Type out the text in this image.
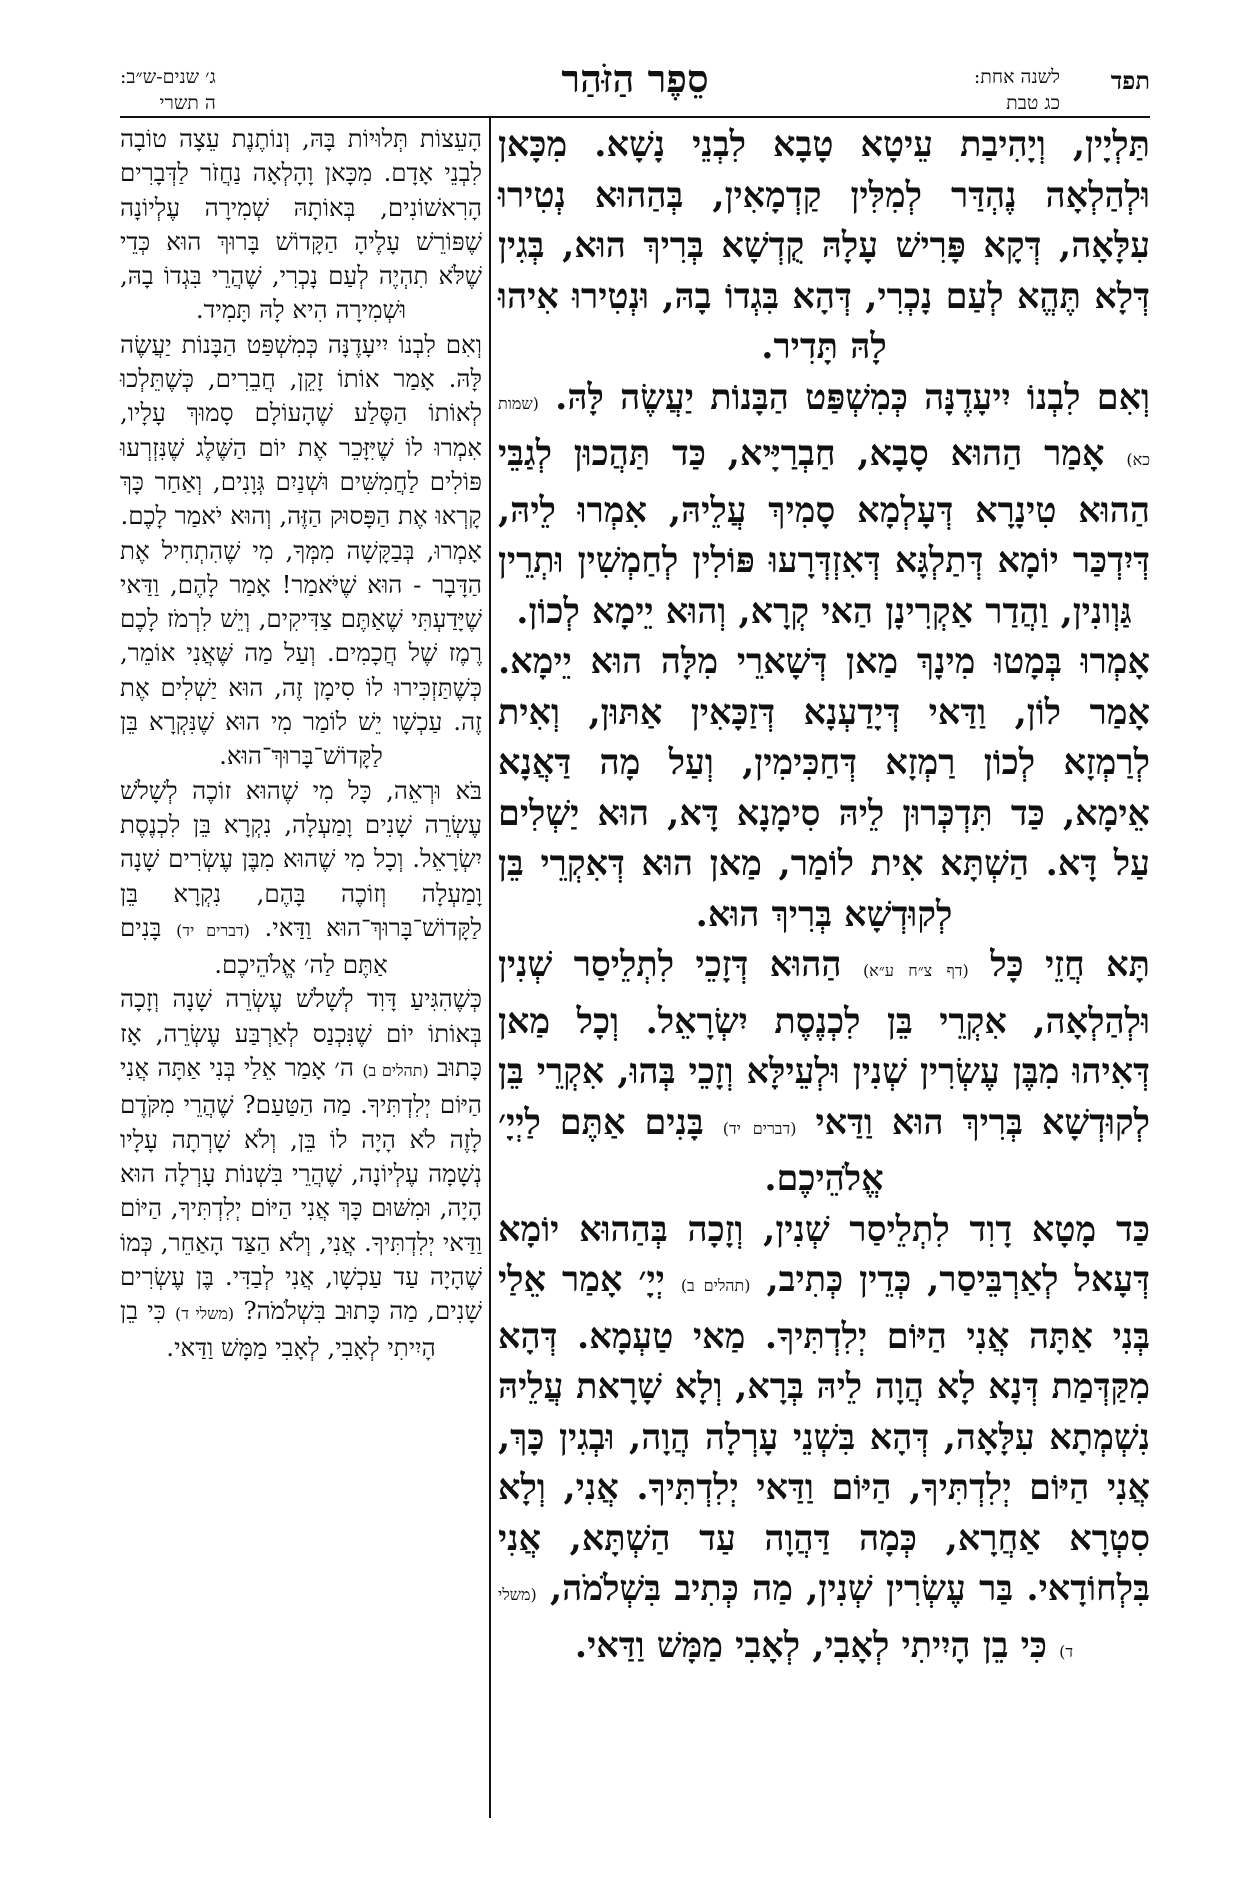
תפד
לשנה אחת:
כג טבת
סֵפֶר הַזֹּהַר
ג׳ שנים-ש״ב:
ה תשרי

תַּלְיָין, וְיָהִיבַת עֵיטָא טָבָא לִבְנֵי נָשָׁא. מִכָּאן וּלְהַלְאָה נֶהְדַּר לְמִלִּין קַדְמָאִין, בְּהַהוּא נְטִירוּ עִלָּאָה, דְּקָא פָּרִישׁ עָלָהּ קֻדְשָׁא בְּרִיךְ הוּא, בְּגִין דְּלָא תֶּהֱא לְעַם נָכְרִי, דְּהָא בִּגְדוֹ בָהּ, וּנְטִירוּ אִיהוּ לָהּ תָּדִיר.

וְאִם לִבְנוֹ יִיעָדֶנָּה כְּמִשְׁפַּט הַבָּנוֹת יַעֲשֶׂה לָּהּ. (שמות כא) אָמַר הַהוּא סָבָא, חַבְרַיָּיא, כַּד תַּהֲכוּן לְגַבֵּי הַהוּא טִינָרָא דְּעָלְמָא סָמִיךְ עֲלֵיהּ, אִמְרוּ לֵיהּ, דְּיִדְכַּר יוֹמָא דְּתַלְגָּא דְּאִזְדְּרָעוּ פּוֹלִין לְחַמְשִׁין וּתְרֵין גַּוְונִין, וַהֲדַר אַקְרִינָן הַאי קְרָא, וְהוּא יֵימָא לְכוֹן.

אָמְרוּ בְּמָטוּ מִינָךְ מַאן דְּשָׁארֵי מִלָּה הוּא יֵימָא. אָמַר לוֹן, וַדַּאי דְּיָדַעְנָא דְּזַכָּאִין אַתּוּן, וְאִית לְרַמְזָא לְכוֹן רַמְזָא דְּחַכִּימִין, וְעַל מָה דַּאֲנָא אֵימָא, כַּד תִּדְכְּרוּן לֵיהּ סִימָנָא דָּא, הוּא יַשְׁלִים עַל דָּא. הַשְׁתָּא אִית לוֹמַר, מַאן הוּא דְּאִקְרֵי בֵּן לְקוּדְשָׁא בְּרִיךְ הוּא.

תָּא חֲזֵי כָּל (דף צ״ח ע״א) הַהוּא דְּזָכֵי לִתְלֵיסַר שְׁנִין וּלְהַלְאָה, אִקְרֵי בֵּן לִכְנֶסֶת יִשְׂרָאֵל. וְכָל מַאן דְּאִיהוּ מִבֶּן עֶשְׂרִין שְׁנִין וּלְעֵילָּא וְזָכֵי בְּהוּ, אִקְרֵי בֵּן לְקוּדְשָׁא בְּרִיךְ הוּא וַדַּאי (דברים יד) בָּנִים אַתֶּם לַיְיָ׳ אֱלֹהֵיכֶם.

כַּד מָטָא דָוִד לִתְלֵיסַר שְׁנִין, וְזָכָה בְּהַהוּא יוֹמָא דְּעָאל לְאַרְבֵּיסַר, כְּדֵין כְּתִיב, (תהלים ב) יְיָ׳ אָמַר אֵלַי בְּנִי אַתָּה אֲנִי הַיּוֹם יְלִדְתִּיךָ. מַאי טַעְמָא. דְּהָא מִקַּדְּמַת דְּנָא לָא הֲוָה לֵיהּ בְּרָא, וְלָא שָׁרָאת עֲלֵיהּ נִשְׁמְתָא עִלָּאָה, דְּהָא בִּשְׁנֵי עָרְלָה הֲוָה, וּבְגִין כָּךְ, אֲנִי הַיּוֹם יְלִדְתִּיךָ, הַיּוֹם וַדַּאי יְלִדְתִּיךָ. אֲנִי, וְלָא סִטְרָא אַחֲרָא, כְּמָה דַּהֲוָה עַד הַשְׁתָּא, אֲנִי בִּלְחוֹדָאי. בַּר עֶשְׂרִין שְׁנִין, מַה כְּתִיב בִּשְׁלֹמֹה, (משלי ד) כִּי בֵן הָיִיתִי לְאָבִי, לְאָבִי מַמָּשׁ וַדַּאי.

הָעֵצוֹת תְּלוּיוֹת בָּהּ, וְנוֹתֶנֶת עֵצָה טוֹבָה לִבְנֵי אָדָם. מִכָּאן וָהָלְאָה נַחֲזֹר לַדְּבָרִים הָרִאשׁוֹנִים, בְּאוֹתָהּ שְׁמִירָה עֶלְיוֹנָה שֶׁפּוֹרֵשׁ עָלֶיהָ הַקָּדוֹשׁ בָּרוּךְ הוּא כְּדֵי שֶׁלֹּא תִהְיֶה לְעַם נָכְרִי, שֶׁהֲרֵי בִּגְדוֹ בָהּ, וּשְׁמִירָה הִיא לָהּ תָּמִיד.

וְאִם לִבְנוֹ יִיעָדֶנָּה כְּמִשְׁפַּט הַבָּנוֹת יַעֲשֶׂה לָּהּ. אָמַר אוֹתוֹ זָקֵן, חֲבֵרִים, כְּשֶׁתֵּלְכוּ לְאוֹתוֹ הַסֶּלַע שֶׁהָעוֹלָם סָמוּךְ עָלָיו, אִמְרוּ לוֹ שֶׁיִּזָּכֵר אֶת יוֹם הַשֶּׁלֶג שֶׁנִּזְרְעוּ פּוֹלִים לַחֲמִשִּׁים וּשְׁנַיִם גְּוָנִים, וְאַחַר כָּךְ קָרְאוּ אֶת הַפָּסוּק הַזֶּה, וְהוּא יֹאמַר לָכֶם.

אָמְרוּ, בְּבַקָּשָׁה מִמְּךָ, מִי שֶׁהִתְחִיל אֶת הַדָּבָר - הוּא שֶׁיֹּאמַר! אָמַר לָהֶם, וַדַּאי שֶׁיָּדַעְתִּי שֶׁאַתֶּם צַדִּיקִים, וְיֵשׁ לִרְמֹז לָכֶם רֶמֶז שֶׁל חֲכָמִים. וְעַל מַה שֶּׁאֲנִי אוֹמֵר, כְּשֶׁתַּזְכִּירוּ לוֹ סִימָן זֶה, הוּא יַשְׁלִים אֶת זֶה. עַכְשָׁו יֵשׁ לוֹמַר מִי הוּא שֶׁנִּקְרָא בֵּן לַקָּדוֹשׁ־בָּרוּךְ־הוּא.

בֹּא וּרְאֵה, כָּל מִי שֶׁהוּא זוֹכֶה לְשָׁלֹשׁ עֶשְׂרֵה שָׁנִים וָמַעְלָה, נִקְרָא בֵּן לִכְנֶסֶת יִשְׂרָאֵל. וְכָל מִי שֶׁהוּא מִבֶּן עֶשְׂרִים שָׁנָה וָמַעְלָה וְזוֹכֶה בָּהֶם, נִקְרָא בֵּן לַקָּדוֹשׁ־בָּרוּךְ־הוּא וַדַּאי. (דברים יד) בָּנִים אַתֶּם לַה׳ אֱלֹהֵיכֶם.

כְּשֶׁהִגִּיעַ דָּוִד לְשָׁלֹשׁ עֶשְׂרֵה שָׁנָה וְזָכָה בְּאוֹתוֹ יוֹם שֶׁנִּכְנַס לְאַרְבַּע עֶשְׂרֵה, אָז כָּתוּב (תהלים ב) ה׳ אָמַר אֵלַי בְּנִי אַתָּה אֲנִי הַיּוֹם יְלִדְתִּיךָ. מַה הַטַּעַם? שֶׁהֲרֵי מִקֹּדֶם לָזֶה לֹא הָיָה לוֹ בֵּן, וְלֹא שָׁרְתָה עָלָיו נְשָׁמָה עֶלְיוֹנָה, שֶׁהֲרֵי בִּשְׁנוֹת עָרְלָה הוּא הָיָה, וּמִשּׁוּם כָּךְ אֲנִי הַיּוֹם יְלִדְתִּיךָ, הַיּוֹם וַדַּאי יְלִדְתִּיךָ. אֲנִי, וְלֹא הַצַּד הָאַחֵר, כְּמוֹ שֶׁהָיָה עַד עַכְשָׁו, אֲנִי לְבַדִּי. בֶּן עֶשְׂרִים שָׁנִים, מַה כָּתוּב בִּשְׁלֹמֹה? (משלי ד) כִּי בֵן הָיִיתִי לְאָבִי, לְאָבִי מַמָּשׁ וַדַּאי.
